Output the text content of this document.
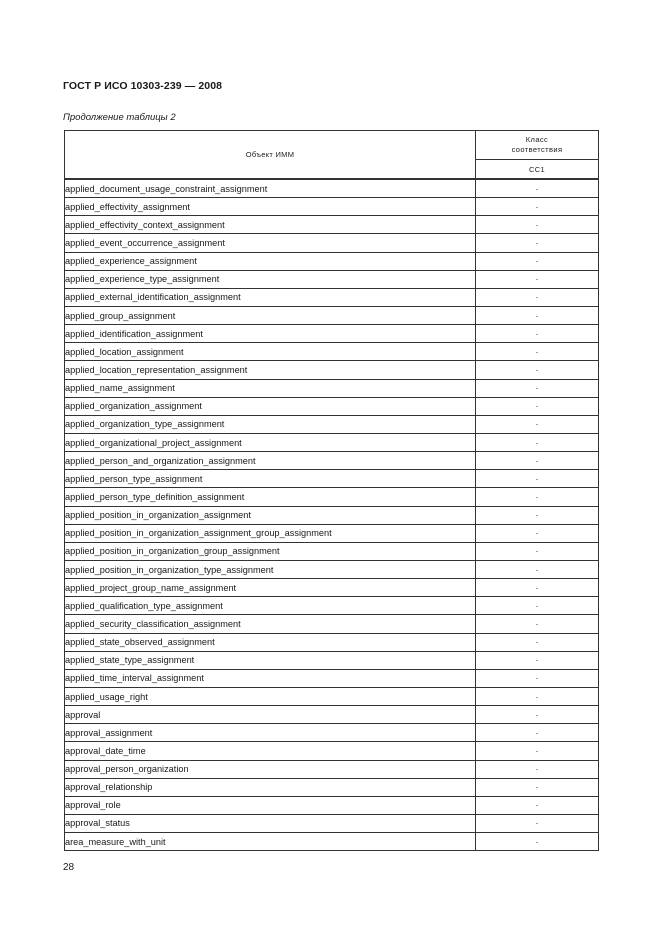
ГОСТ Р ИСО 10303-239 — 2008
Продолжение таблицы 2
Объект ИММ	Класс
соответствия
	CC1

applied_document_usage_constraint_assignment	·
applied_effectivity_assignment	·
applied_effectivity_context_assignment	·
applied_event_occurrence_assignment	·
applied_experience_assignment	·
applied_experience_type_assignment	·
applied_external_identification_assignment	·
applied_group_assignment	·
applied_identification_assignment	·
applied_location_assignment	·
applied_location_representation_assignment	·
applied_name_assignment	·
applied_organization_assignment	·
applied_organization_type_assignment	·
applied_organizational_project_assignment	·
applied_person_and_organization_assignment	·
applied_person_type_assignment	·
applied_person_type_definition_assignment	·
applied_position_in_organization_assignment	·
applied_position_in_organization_assignment_group_assignment	·
applied_position_in_organization_group_assignment	·
applied_position_in_organization_type_assignment	·
applied_project_group_name_assignment	·
applied_qualification_type_assignment	·
applied_security_classification_assignment	·
applied_state_observed_assignment	·
applied_state_type_assignment	·
applied_time_interval_assignment	·
applied_usage_right	·
approval	·
approval_assignment	·
approval_date_time	·
approval_person_organization	·
approval_relationship	·
approval_role	·
approval_status	·
area_measure_with_unit	·
28
